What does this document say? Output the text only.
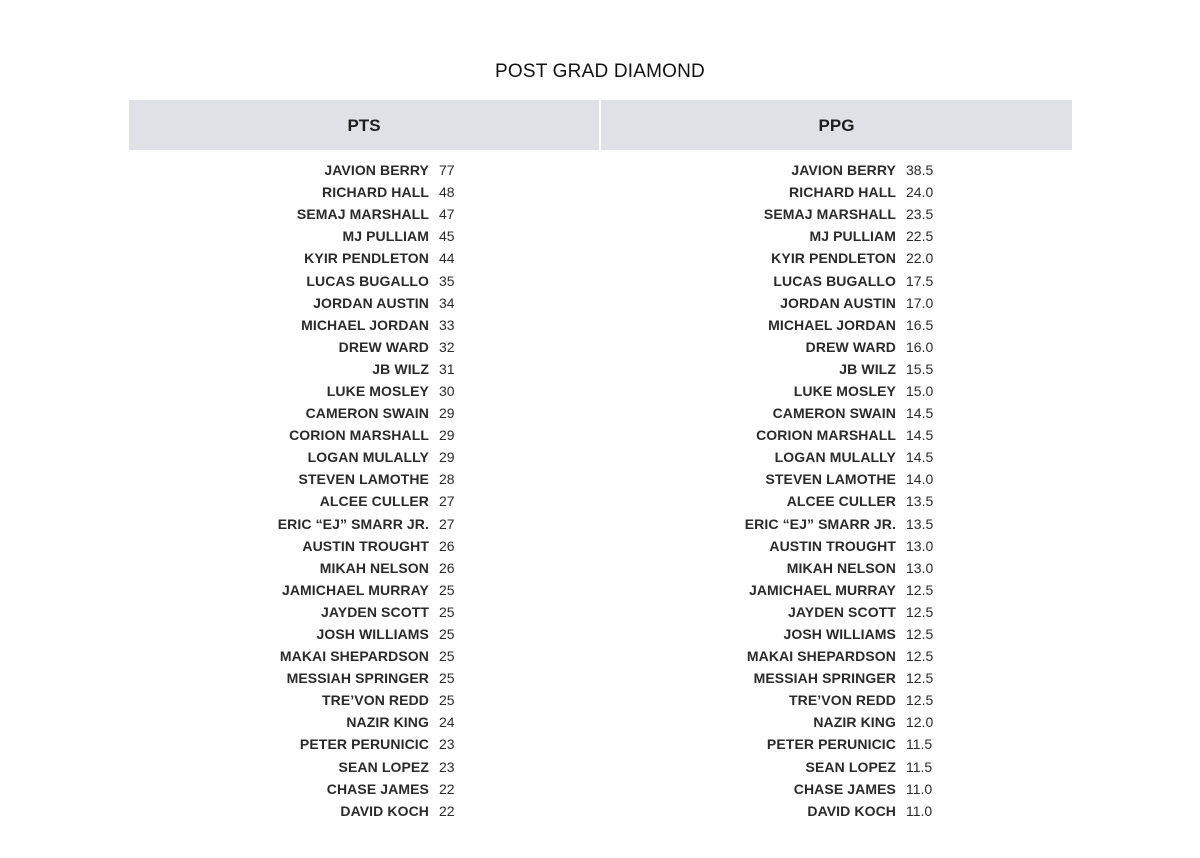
POST GRAD DIAMOND
PTS	PPG
JAVION BERRY 77
RICHARD HALL 48
SEMAJ MARSHALL 47
MJ PULLIAM 45
KYIR PENDLETON 44
LUCAS BUGALLO 35
JORDAN AUSTIN 34
MICHAEL JORDAN 33
DREW WARD 32
JB WILZ 31
LUKE MOSLEY 30
CAMERON SWAIN 29
CORION MARSHALL 29
LOGAN MULALLY 29
STEVEN LAMOTHE 28
ALCEE CULLER 27
ERIC “EJ” SMARR JR. 27
AUSTIN TROUGHT 26
MIKAH NELSON 26
JAMICHAEL MURRAY 25
JAYDEN SCOTT 25
JOSH WILLIAMS 25
MAKAI SHEPARDSON 25
MESSIAH SPRINGER 25
TRE’VON REDD 25
NAZIR KING 24
PETER PERUNICIC 23
SEAN LOPEZ 23
CHASE JAMES 22
DAVID KOCH 22
JAVION BERRY 38.5
RICHARD HALL 24.0
SEMAJ MARSHALL 23.5
MJ PULLIAM 22.5
KYIR PENDLETON 22.0
LUCAS BUGALLO 17.5
JORDAN AUSTIN 17.0
MICHAEL JORDAN 16.5
DREW WARD 16.0
JB WILZ 15.5
LUKE MOSLEY 15.0
CAMERON SWAIN 14.5
CORION MARSHALL 14.5
LOGAN MULALLY 14.5
STEVEN LAMOTHE 14.0
ALCEE CULLER 13.5
ERIC “EJ” SMARR JR. 13.5
AUSTIN TROUGHT 13.0
MIKAH NELSON 13.0
JAMICHAEL MURRAY 12.5
JAYDEN SCOTT 12.5
JOSH WILLIAMS 12.5
MAKAI SHEPARDSON 12.5
MESSIAH SPRINGER 12.5
TRE’VON REDD 12.5
NAZIR KING 12.0
PETER PERUNICIC 11.5
SEAN LOPEZ 11.5
CHASE JAMES 11.0
DAVID KOCH 11.0
